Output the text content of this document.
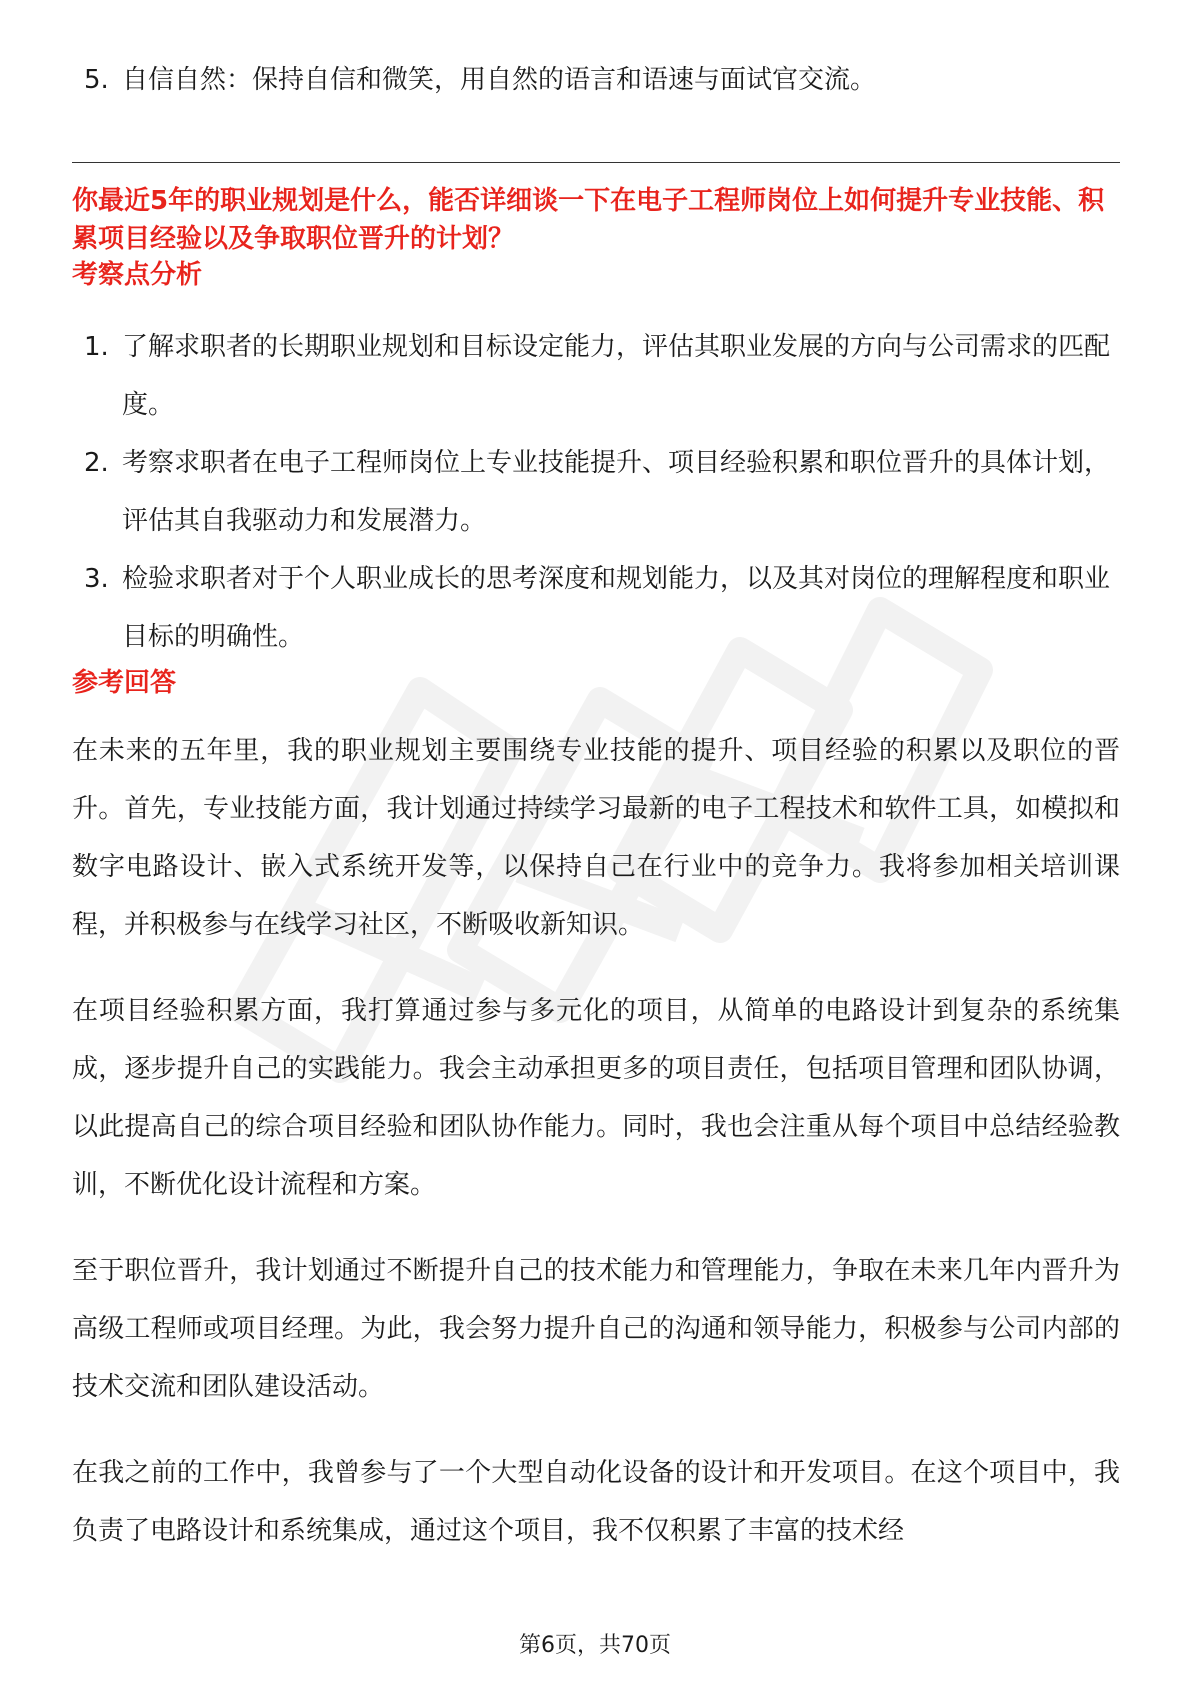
5. 自信自然：保持自信和微笑，用自然的语言和语速与面试官交流。
你最近5年的职业规划是什么，能否详细谈一下在电子工程师岗位上如何提升专业技能、积累项目经验以及争取职位晋升的计划？
考察点分析
1. 了解求职者的长期职业规划和目标设定能力，评估其职业发展的方向与公司需求的匹配度。
2. 考察求职者在电子工程师岗位上专业技能提升、项目经验积累和职位晋升的具体计划，评估其自我驱动力和发展潜力。
3. 检验求职者对于个人职业成长的思考深度和规划能力，以及其对岗位的理解程度和职业目标的明确性。
参考回答

在未来的五年里，我的职业规划主要围绕专业技能的提升、项目经验的积累以及职位的晋升。首先，专业技能方面，我计划通过持续学习最新的电子工程技术和软件工具，如模拟和数字电路设计、嵌入式系统开发等，以保持自己在行业中的竞争力。我将参加相关培训课程，并积极参与在线学习社区，不断吸收新知识。

在项目经验积累方面，我打算通过参与多元化的项目，从简单的电路设计到复杂的系统集成，逐步提升自己的实践能力。我会主动承担更多的项目责任，包括项目管理和团队协调，以此提高自己的综合项目经验和团队协作能力。同时，我也会注重从每个项目中总结经验教训，不断优化设计流程和方案。

至于职位晋升，我计划通过不断提升自己的技术能力和管理能力，争取在未来几年内晋升为高级工程师或项目经理。为此，我会努力提升自己的沟通和领导能力，积极参与公司内部的技术交流和团队建设活动。

在我之前的工作中，我曾参与了一个大型自动化设备的设计和开发项目。在这个项目中，我负责了电路设计和系统集成，通过这个项目，我不仅积累了丰富的技术经

第6页，共70页
